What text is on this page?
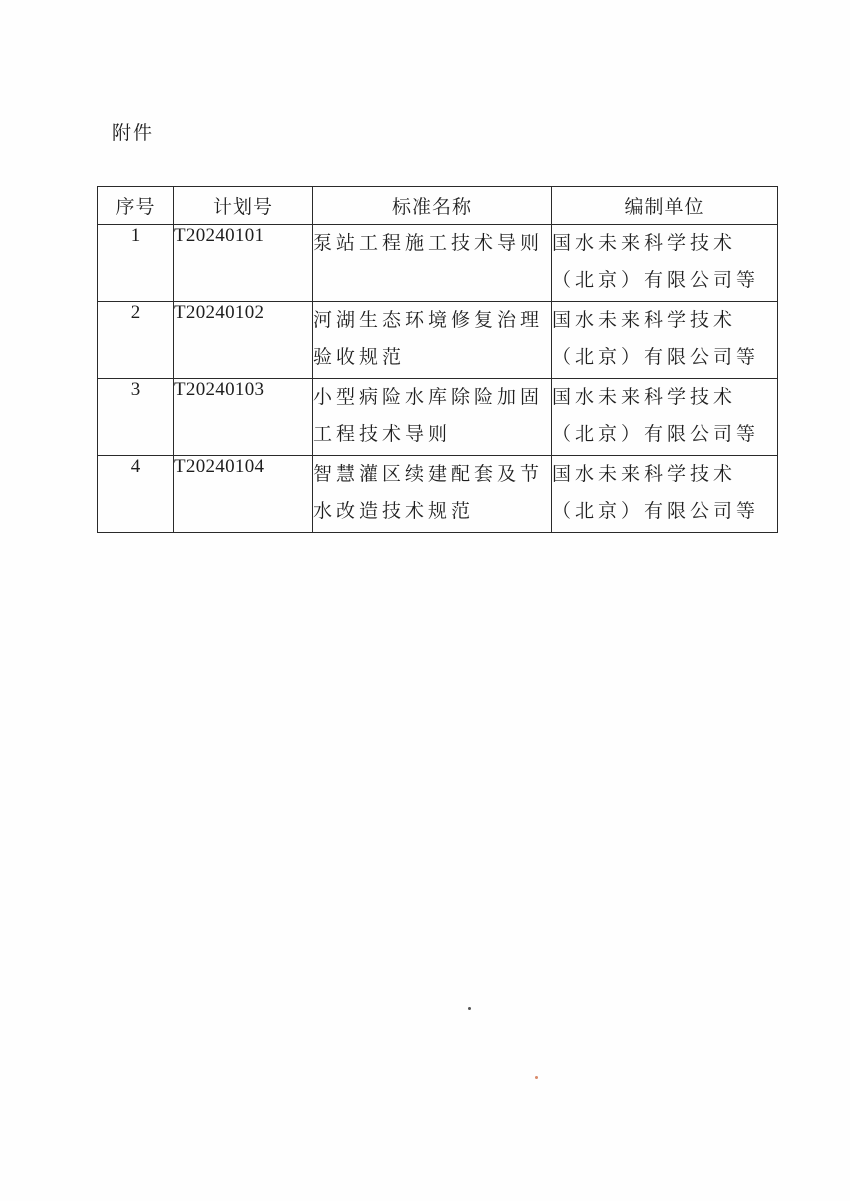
附件
序号	计划号	标准名称	编制单位
1	T20240101	泵站工程施工技术导则	国水未来科学技术（北京）有限公司等
2	T20240102	河湖生态环境修复治理验收规范	国水未来科学技术（北京）有限公司等
3	T20240103	小型病险水库除险加固工程技术导则	国水未来科学技术（北京）有限公司等
4	T20240104	智慧灌区续建配套及节水改造技术规范	国水未来科学技术（北京）有限公司等
